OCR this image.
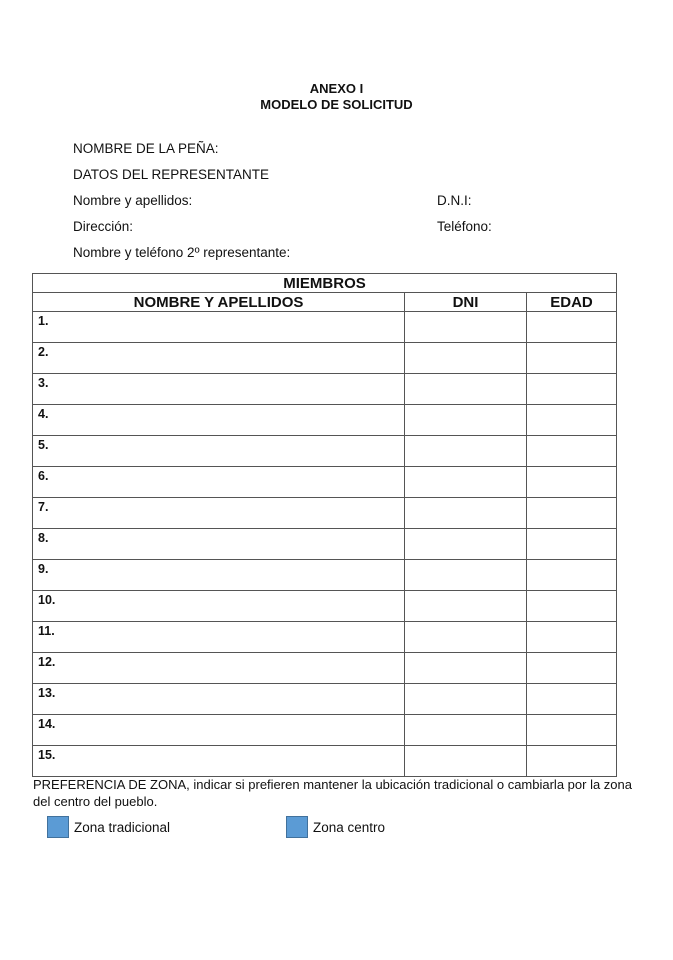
ANEXO I
MODELO DE SOLICITUD
NOMBRE DE LA PEÑA:
DATOS DEL REPRESENTANTE
Nombre y apellidos:	D.N.I:
Dirección:	Teléfono:
Nombre y teléfono 2º representante:
MIEMBROS		
NOMBRE Y APELLIDOS	DNI	EDAD
1.		
2.		
3.		
4.		
5.		
6.		
7.		
8.		
9.		
10.		
11.		
12.		
13.		
14.		
15.		
PREFERENCIA DE ZONA, indicar si prefieren mantener la ubicación tradicional o cambiarla por la zona del centro del pueblo.
Zona tradicional	Zona centro
